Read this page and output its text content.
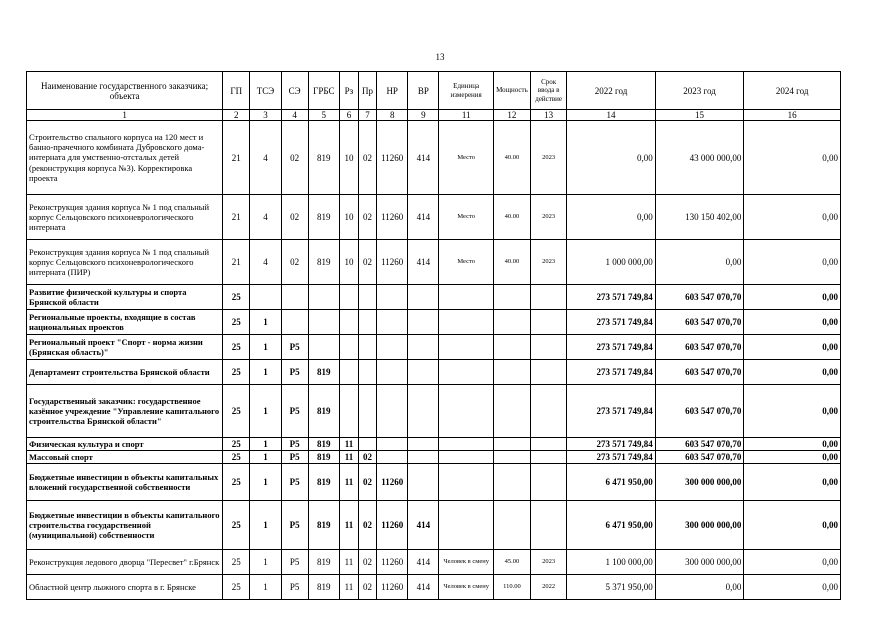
13
Наименование государственного заказчика; объекта	ГП	ТСЭ	СЭ	ГРБС	Рз	Пр	НР	ВР	Единица измерения	Мощность	Срок ввода в действие	2022 год	2023 год	2024 год
1	2	3	4	5	6	7	8	9	11	12	13	14	15	16
Строительство спального корпуса на 120 мест и банно-прачечного комбината Дубровского дома-интерната для умственно-отсталых детей (реконструкция корпуса №3). Корректировка проекта	21	4	02	819	10	02	11260	414	Место	40.00	2023	0,00	43 000 000,00	0,00
Реконструкция здания корпуса № 1 под спальный корпус Сельцовского психоневрологического интерната	21	4	02	819	10	02	11260	414	Место	40.00	2023	0,00	130 150 402,00	0,00
Реконструкция здания корпуса № 1 под спальный корпус Сельцовского психоневрологического интерната (ПИР)	21	4	02	819	10	02	11260	414	Место	40.00	2023	1 000 000,00	0,00	0,00
Развитие физической культуры и спорта Брянской области	25											273 571 749,84	603 547 070,70	0,00
Региональные проекты, входящие в состав национальных проектов	25	1										273 571 749,84	603 547 070,70	0,00
Региональный проект "Спорт - норма жизни (Брянская область)"	25	1	P5									273 571 749,84	603 547 070,70	0,00
Департамент строительства Брянской области	25	1	P5	819								273 571 749,84	603 547 070,70	0,00
Государственный заказчик: государственное казённое учреждение "Управление капитального строительства Брянской области"	25	1	P5	819								273 571 749,84	603 547 070,70	0,00
Физическая культура и спорт	25	1	P5	819	11							273 571 749,84	603 547 070,70	0,00
Массовый спорт	25	1	P5	819	11	02						273 571 749,84	603 547 070,70	0,00
Бюджетные инвестиции в объекты капитальных вложений государственной собственности	25	1	P5	819	11	02	11260					6 471 950,00	300 000 000,00	0,00
Бюджетные инвестиции в объекты капитального строительства государственной (муниципальной) собственности	25	1	P5	819	11	02	11260	414				6 471 950,00	300 000 000,00	0,00
Реконструкция ледового дворца "Пересвет" г.Брянск	25	1	P5	819	11	02	11260	414	Человек в смену	45.00	2023	1 100 000,00	300 000 000,00	0,00
Областной центр лыжного спорта в г. Брянске	25	1	P5	819	11	02	11260	414	Человек в смену	110.00	2022	5 371 950,00	0,00	0,00
